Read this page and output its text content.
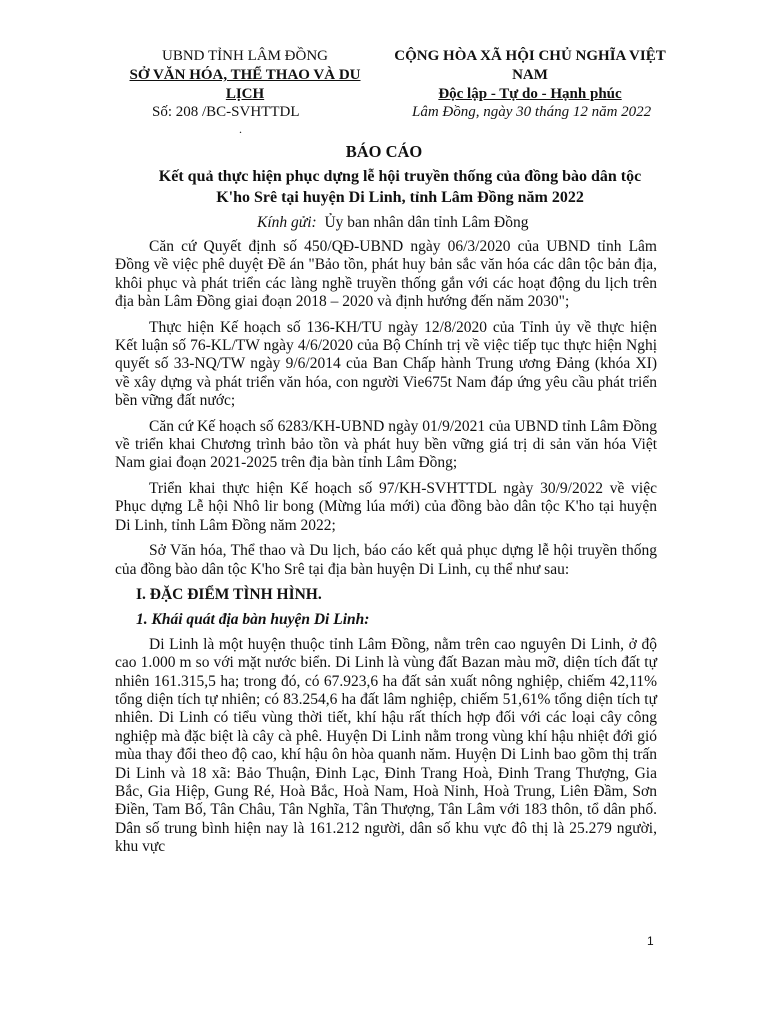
UBND TỈNH LÂM ĐỒNG
SỞ VĂN HÓA, THỂ THAO VÀ DU LỊCH
CỘNG HÒA XÃ HỘI CHỦ NGHĨA VIỆT NAM
Độc lập - Tự do - Hạnh phúc
Số: 208 /BC-SVHTTDL
.
Lâm Đồng, ngày 30 tháng 12 năm 2022
BÁO CÁO
Kết quả thực hiện phục dựng lễ hội truyền thống của đồng bào dân tộc K'ho Srê tại huyện Di Linh, tỉnh Lâm Đồng năm 2022
Kính gửi: Ủy ban nhân dân tỉnh Lâm Đồng

Căn cứ Quyết định số 450/QĐ-UBND ngày 06/3/2020 của UBND tỉnh Lâm Đồng về việc phê duyệt Đề án "Bảo tồn, phát huy bản sắc văn hóa các dân tộc bản địa, khôi phục và phát triển các làng nghề truyền thống gắn với các hoạt động du lịch trên địa bàn Lâm Đồng giai đoạn 2018 – 2020 và định hướng đến năm 2030";

Thực hiện Kế hoạch số 136-KH/TU ngày 12/8/2020 của Tỉnh ủy về thực hiện Kết luận số 76-KL/TW ngày 4/6/2020 của Bộ Chính trị về việc tiếp tục thực hiện Nghị quyết số 33-NQ/TW ngày 9/6/2014 của Ban Chấp hành Trung ương Đảng (khóa XI) về xây dựng và phát triển văn hóa, con người Vie675t Nam đáp ứng yêu cầu phát triển bền vững đất nước;

Căn cứ Kế hoạch số 6283/KH-UBND ngày 01/9/2021 của UBND tỉnh Lâm Đồng về triển khai Chương trình bảo tồn và phát huy bền vững giá trị di sản văn hóa Việt Nam giai đoạn 2021-2025 trên địa bàn tỉnh Lâm Đồng;

Triển khai thực hiện Kế hoạch số 97/KH-SVHTTDL ngày 30/9/2022 về việc Phục dựng Lễ hội Nhô lir bong (Mừng lúa mới) của đồng bào dân tộc K'ho tại huyện Di Linh, tỉnh Lâm Đồng năm 2022;

Sở Văn hóa, Thể thao và Du lịch, báo cáo kết quả phục dựng lễ hội truyền thống của đồng bào dân tộc K'ho Srê tại địa bàn huyện Di Linh, cụ thể như sau:

I. ĐẶC ĐIỂM TÌNH HÌNH.
1. Khái quát địa bàn huyện Di Linh:

Di Linh là một huyện thuộc tỉnh Lâm Đồng, nằm trên cao nguyên Di Linh, ở độ cao 1.000 m so với mặt nước biển. Di Linh là vùng đất Bazan màu mỡ, diện tích đất tự nhiên 161.315,5 ha; trong đó, có 67.923,6 ha đất sản xuất nông nghiệp, chiếm 42,11% tổng diện tích tự nhiên; có 83.254,6 ha đất lâm nghiệp, chiếm 51,61% tổng diện tích tự nhiên. Di Linh có tiểu vùng thời tiết, khí hậu rất thích hợp đối với các loại cây công nghiệp mà đặc biệt là cây cà phê. Huyện Di Linh nằm trong vùng khí hậu nhiệt đới gió mùa thay đổi theo độ cao, khí hậu ôn hòa quanh năm. Huyện Di Linh bao gồm thị trấn Di Linh và 18 xã: Bảo Thuận, Đinh Lạc, Đinh Trang Hoà, Đinh Trang Thượng, Gia Bắc, Gia Hiệp, Gung Ré, Hoà Bắc, Hoà Nam, Hoà Ninh, Hoà Trung, Liên Đầm, Sơn Điền, Tam Bố, Tân Châu, Tân Nghĩa, Tân Thượng, Tân Lâm với 183 thôn, tổ dân phố. Dân số trung bình hiện nay là 161.212 người, dân số khu vực đô thị là 25.279 người, khu vực

1
